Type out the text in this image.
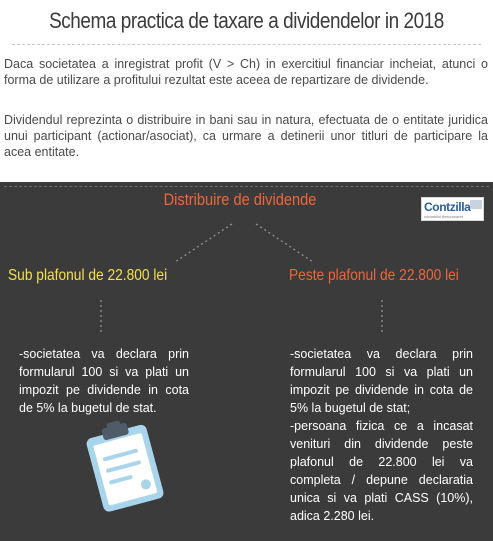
Schema practica de taxare a dividendelor in 2018

Daca societatea a inregistrat profit (V > Ch) in exercitiul financiar incheiat, atunci o forma de utilizare a profitului rezultat este aceea de repartizare de dividende.

Dividendul reprezinta o distribuire in bani sau in natura, efectuata de o entitate juridica unui participant (actionar/asociat), ca urmare a detinerii unor titluri de participare la acea entitate.

Distribuire de dividende	Contzilla
contabilul descurcaret
Sub plafonul de 22.800 lei	Peste plafonul de 22.800 lei

-societatea va declara prin formularul 100 si va plati un impozit pe dividende in cota de 5% la bugetul de stat.

-societatea va declara prin formularul 100 si va plati un impozit pe dividende in cota de 5% la bugetul de stat;

-persoana fizica ce a incasat venituri din dividende peste plafonul de 22.800 lei va completa / depune declaratia unica si va plati CASS (10%), adica 2.280 lei.
